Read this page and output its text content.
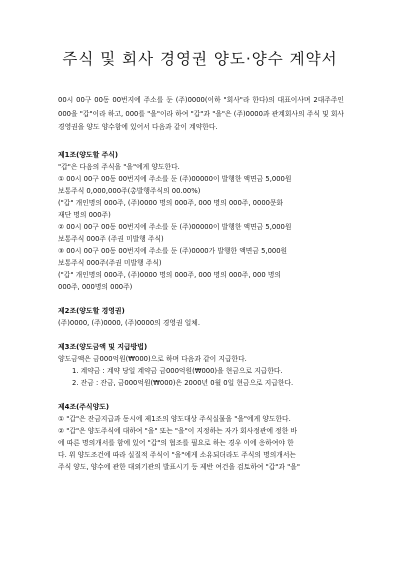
주식 및 회사 경영권 양도·양수 계약서

00시 00구 00동 00번지에 주소를 둔 (주)0000(이하 "회사"라 한다)의 대표이사며 2대주주인 000을 "갑"이라 하고, 000를 "을"이라 하여 "갑"과 "을"은 (주)0000과 관계회사의 주식 및 회사 경영권을 양도 양수함에 있어서 다음과 같이 계약한다.

제1조(양도할 주식)

"갑"은 다음의 주식을 "을"에게 양도한다.

① 00시 00구 00동 00번지에 주소를 둔 (주)00000이 발행한 액면금 5,000원

보통주식 0,000,000주(총발행주식의 00.00%)

("갑" 개인명의 000주, (주)0000 명의 000주, 000 명의 000주, 0000문화

재단 명의 000주)

② 00시 00구 00동 00번지에 주소를 둔 (주)00000이 발행한 액면금 5,000원

보통주식 000주 (주권 미발행 주식)

③ 00시 00구 00동 00번지에 주소를 둔 (주)0000가 발행한 액면금 5,000원

보통주식 000주(주권 미발행 주식)

("갑" 개인명의 000주, (주)0000 명의 000주, 000 명의 000주, 000 명의

000주, 000명의 000주)

제2조(양도할 경영권)

(주)0000, (주)0000, (주)0000의 경영권 일체.

제3조(양도금액 및 지급방법)

양도금액은 금000억원(₩000)으로 하며 다음과 같이 지급한다.

1. 계약금 : 계약 당일 계약금 금000억원(₩000)을 현금으로 지급한다.

2. 잔금 : 잔금, 금000억원(₩000)은 2000년 0월 0일 현금으로 지급한다.

제4조(주식양도)

① "갑"은 잔금지급과 동시에 제1조의 양도대상 주식실물을 "을"에게 양도한다.

② "갑"은 양도주식에 대하여 "을" 또는 "을"이 지정하는 자가 회사정관에 정한 바

에 따른 명의개서를 함에 있어 "갑"의 협조를 필요로 하는 경우 이에 응하여야 한

다. 위 양도조건에 따라 실질적 주식이 "을"에게 소유되더라도 주식의 명의개서는

주식 양도, 양수에 관한 대외기관의 발표시기 등 제반 여건을 검토하여 "갑"과 "을"
